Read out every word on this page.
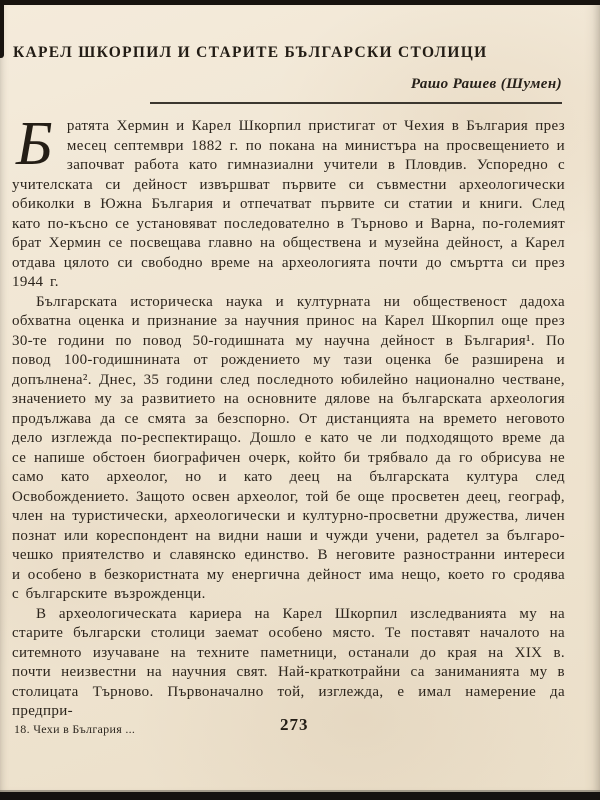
КАРЕЛ ШКОРПИЛ И СТАРИТЕ БЪЛГАРСКИ СТОЛИЦИ
Рашо Рашев (Шумен)

Братята Хермин и Карел Шкорпил пристигат от Чехия в България през месец септември 1882 г. по покана на министъра на просвещението и започват работа като гимназиални учители в Пловдив. Успоредно с учителската си дейност извършват първите си съвместни археологически обиколки в Южна България и отпечатват първите си статии и книги. След като по-късно се установяват последователно в Търново и Варна, по-големият брат Хермин се посвещава главно на обществена и музейна дейност, а Карел отдава цялото си свободно време на археологията почти до смъртта си през 1944 г.

Българската историческа наука и културната ни общественост дадоха обхватна оценка и признание за научния принос на Карел Шкорпил още през 30-те години по повод 50-годишната му научна дейност в България¹. По повод 100-годишнината от рождението му тази оценка бе разширена и допълнена². Днес, 35 години след последното юбилейно национално честване, значението му за развитието на основните дялове на българската археология продължава да се смята за безспорно. От дистанцията на времето неговото дело изглежда по-респектиращо. Дошло е като че ли подходящото време да се напише обстоен биографичен очерк, който би трябвало да го обрисува не само като археолог, но и като деец на българската култура след Освобождението. Защото освен археолог, той бе още просветен деец, географ, член на туристически, археологически и културно-просветни дружества, личен познат или кореспондент на видни наши и чужди учени, радетел за българо-чешко приятелство и славянско единство. В неговите разностранни интереси и особено в безкористната му енергична дейност има нещо, което го сродява с българските възрожденци.

В археологическата кариера на Карел Шкорпил изследванията му на старите български столици заемат особено място. Те поставят началото на ситемното изучаване на техните паметници, останали до края на XIX в. почти неизвестни на научния свят. Най-краткотрайни са заниманията му в столицата Търново. Първоначално той, изглежда, е имал намерение да предпри-

18. Чехи в България ...	273
